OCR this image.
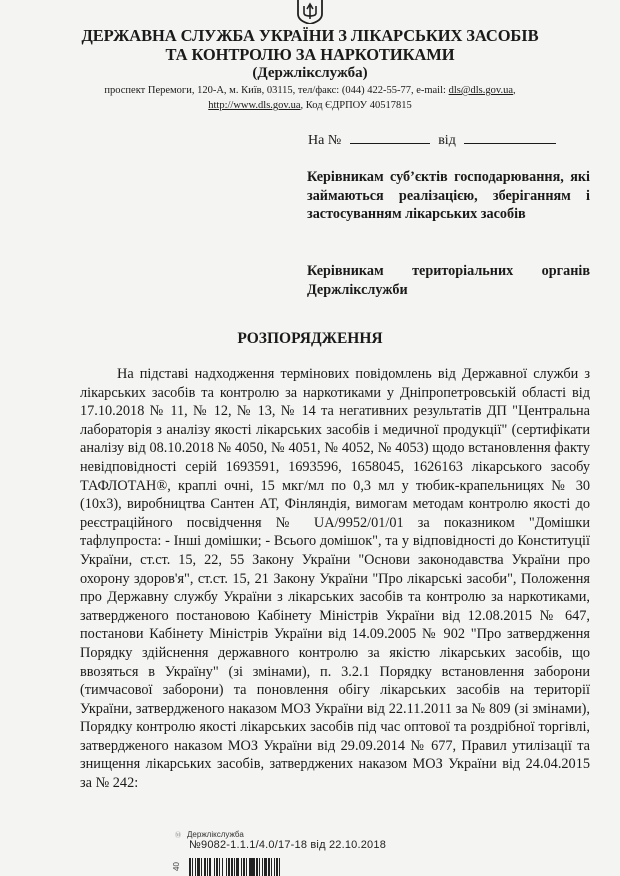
ДЕРЖАВНА СЛУЖБА УКРАЇНИ З ЛІКАРСЬКИХ ЗАСОБІВ
ТА КОНТРОЛЮ ЗА НАРКОТИКАМИ
(Держлікслужба)
проспект Перемоги, 120-А, м. Київ, 03115, тел/факс: (044) 422-55-77, e-mail: dls@dls.gov.ua,
http://www.dls.gov.ua, Код ЄДРПОУ 40517815
На №	від
Керівникам суб’єктів господарювання, які займаються реалізацією, зберіганням і застосуванням лікарських засобів
Керівникам територіальних органів Держлікслужби
РОЗПОРЯДЖЕННЯ
На підставі надходження термінових повідомлень від Державної служби з лікарських засобів та контролю за наркотиками у Дніпропетровській області від 17.10.2018 № 11, № 12, № 13, № 14 та негативних результатів ДП "Центральна лабораторія з аналізу якості лікарських засобів і медичної продукції" (сертифікати аналізу від 08.10.2018 № 4050, № 4051, № 4052, № 4053) щодо встановлення факту невідповідності серій 1693591, 1693596, 1658045, 1626163 лікарського засобу ТАФЛОТАН®, краплі очні, 15 мкг/мл по 0,3 мл у тюбик-крапельницях № 30 (10х3), виробництва Сантен АТ, Фінляндія, вимогам методам контролю якості до реєстраційного посвідчення № UA/9952/01/01 за показником "Домішки тафлупроста: - Інші домішки; - Всього домішок", та у відповідності до Конституції України, ст.ст. 15, 22, 55 Закону України "Основи законодавства України про охорону здоров'я", ст.ст. 15, 21 Закону України "Про лікарські засоби", Положення про Державну службу України з лікарських засобів та контролю за наркотиками, затвердженого постановою Кабінету Міністрів України від 12.08.2015 № 647, постанови Кабінету Міністрів України від 14.09.2005 № 902 "Про затвердження Порядку здійснення державного контролю за якістю лікарських засобів, що ввозяться в Україну" (зі змінами), п. 3.2.1 Порядку встановлення заборони (тимчасової заборони) та поновлення обігу лікарських засобів на території України, затвердженого наказом МОЗ України від 22.11.2011 за № 809 (зі змінами), Порядку контролю якості лікарських засобів під час оптової та роздрібної торгівлі, затвердженого наказом МОЗ України від 29.09.2014 № 677, Правил утилізації та знищення лікарських засобів, затверджених наказом МОЗ України від 24.04.2015 за № 242:
Ⓜ Держлікслужба
№9082-1.1.1/4.0/17-18 від 22.10.2018
40
